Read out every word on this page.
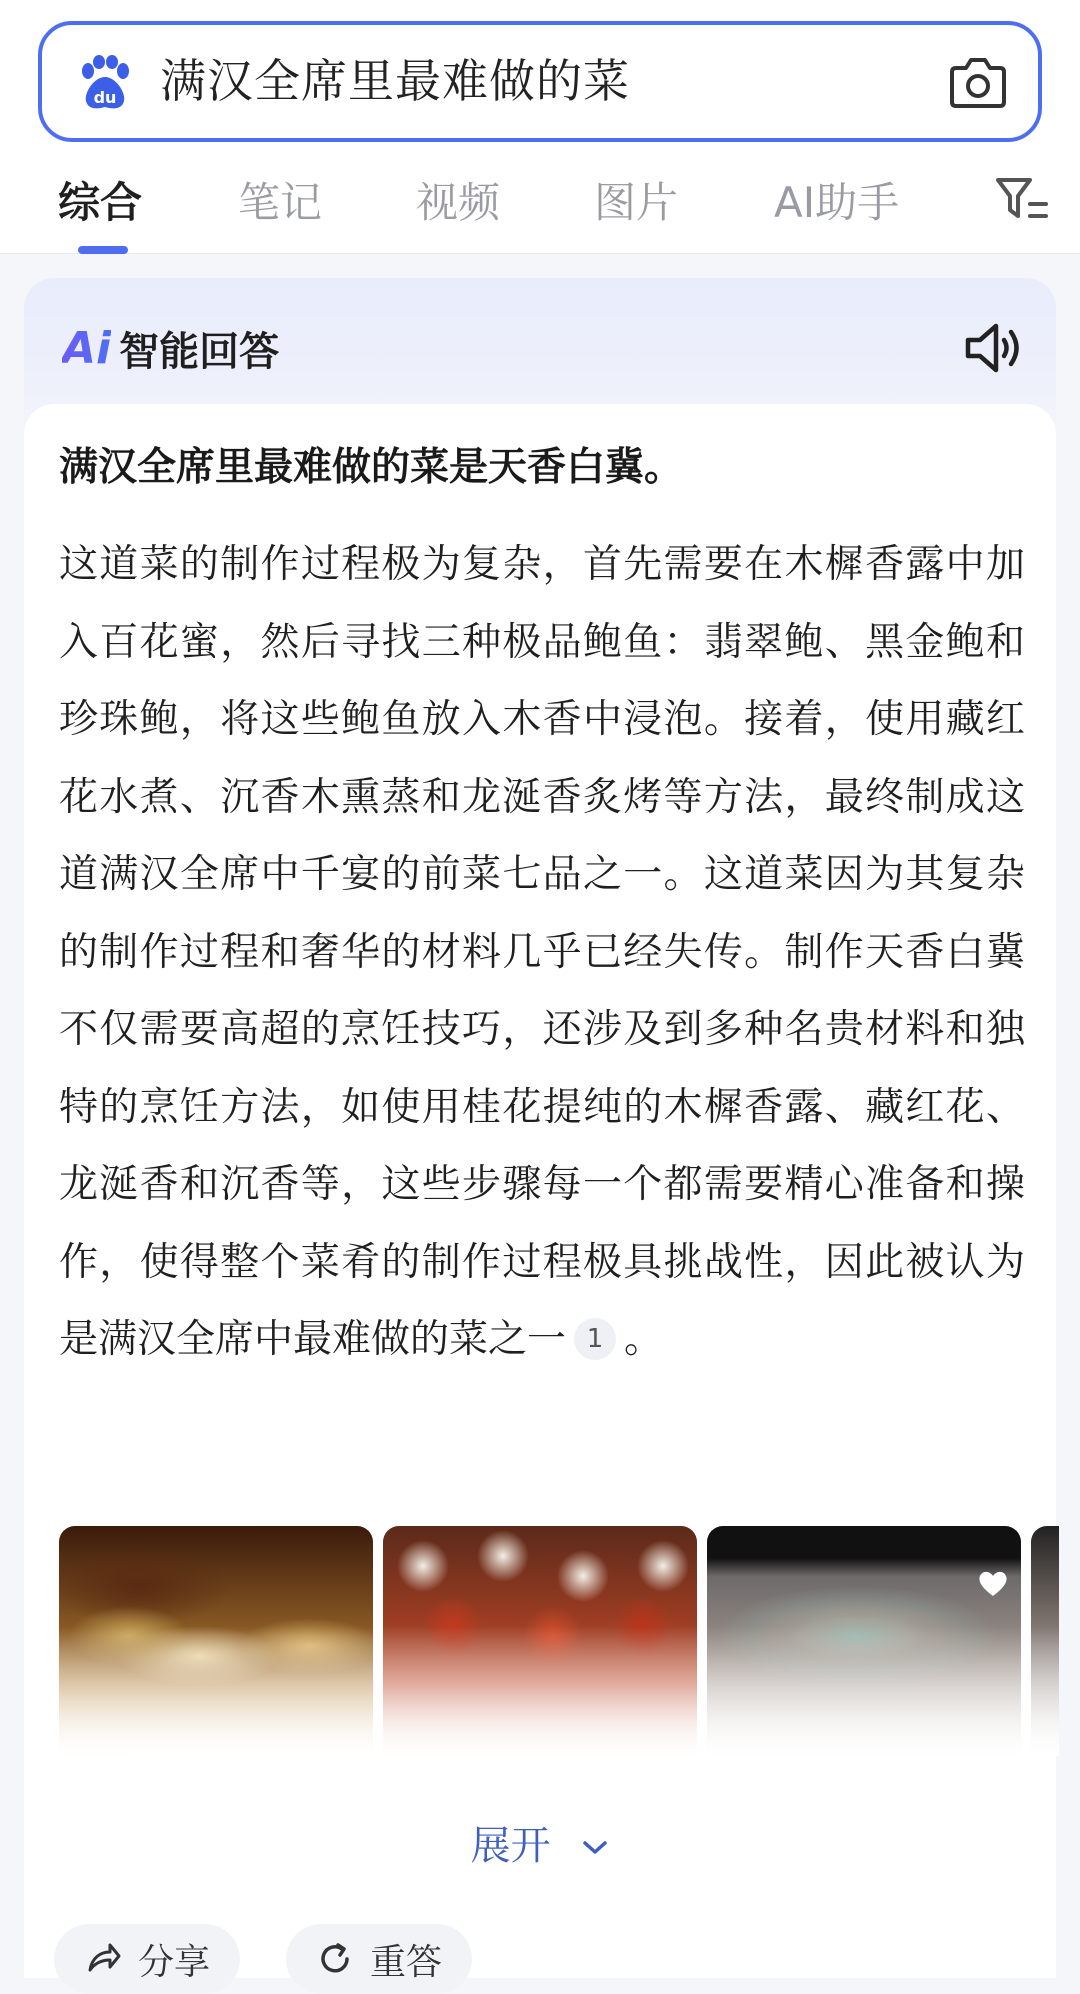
du 满汉全席里最难做的菜
综合 笔记 视频 图片 AI助手
Ai 智能回答
满汉全席里最难做的菜是天香白冀。
这道菜的制作过程极为复杂，首先需要在木樨香露中加入百花蜜，然后寻找三种极品鲍鱼：翡翠鲍、黑金鲍和珍珠鲍，将这些鲍鱼放入木香中浸泡。接着，使用藏红花水煮、沉香木熏蒸和龙涎香炙烤等方法，最终制成这道满汉全席中千宴的前菜七品之一。这道菜因为其复杂的制作过程和奢华的材料几乎已经失传。制作天香白冀不仅需要高超的烹饪技巧，还涉及到多种名贵材料和独特的烹饪方法，如使用桂花提纯的木樨香露、藏红花、龙涎香和沉香等，这些步骤每一个都需要精心准备和操作，使得整个菜肴的制作过程极具挑战性，因此被认为是满汉全席中最难做的菜之一 1 。
展开
分享	重答
